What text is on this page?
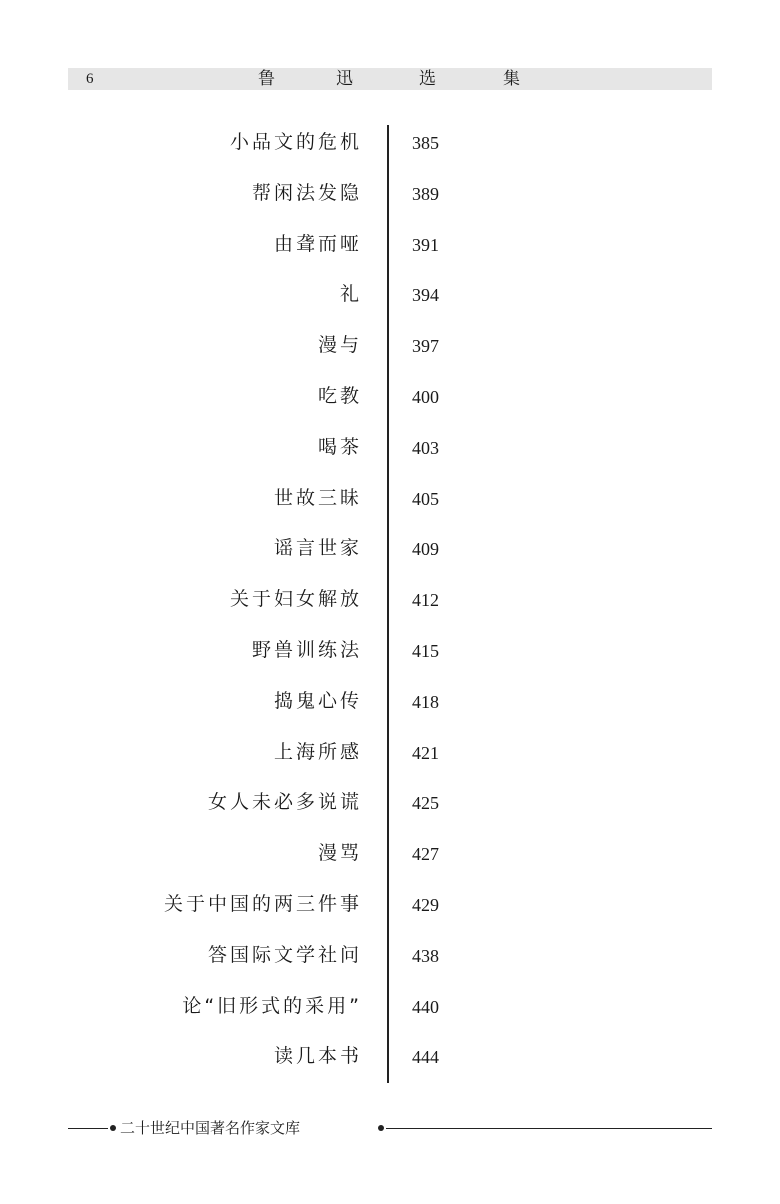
6	鲁	迅	选	集
小品文的危机	385
帮闲法发隐	389
由聋而哑	391
礼	394
漫与	397
吃教	400
喝茶	403
世故三昧	405
谣言世家	409
关于妇女解放	412
野兽训练法	415
捣鬼心传	418
上海所感	421
女人未必多说谎	425
漫骂	427
关于中国的两三件事	429
答国际文学社问	438
论“旧形式的采用”	440
读几本书	444
二十世纪中国著名作家文库
